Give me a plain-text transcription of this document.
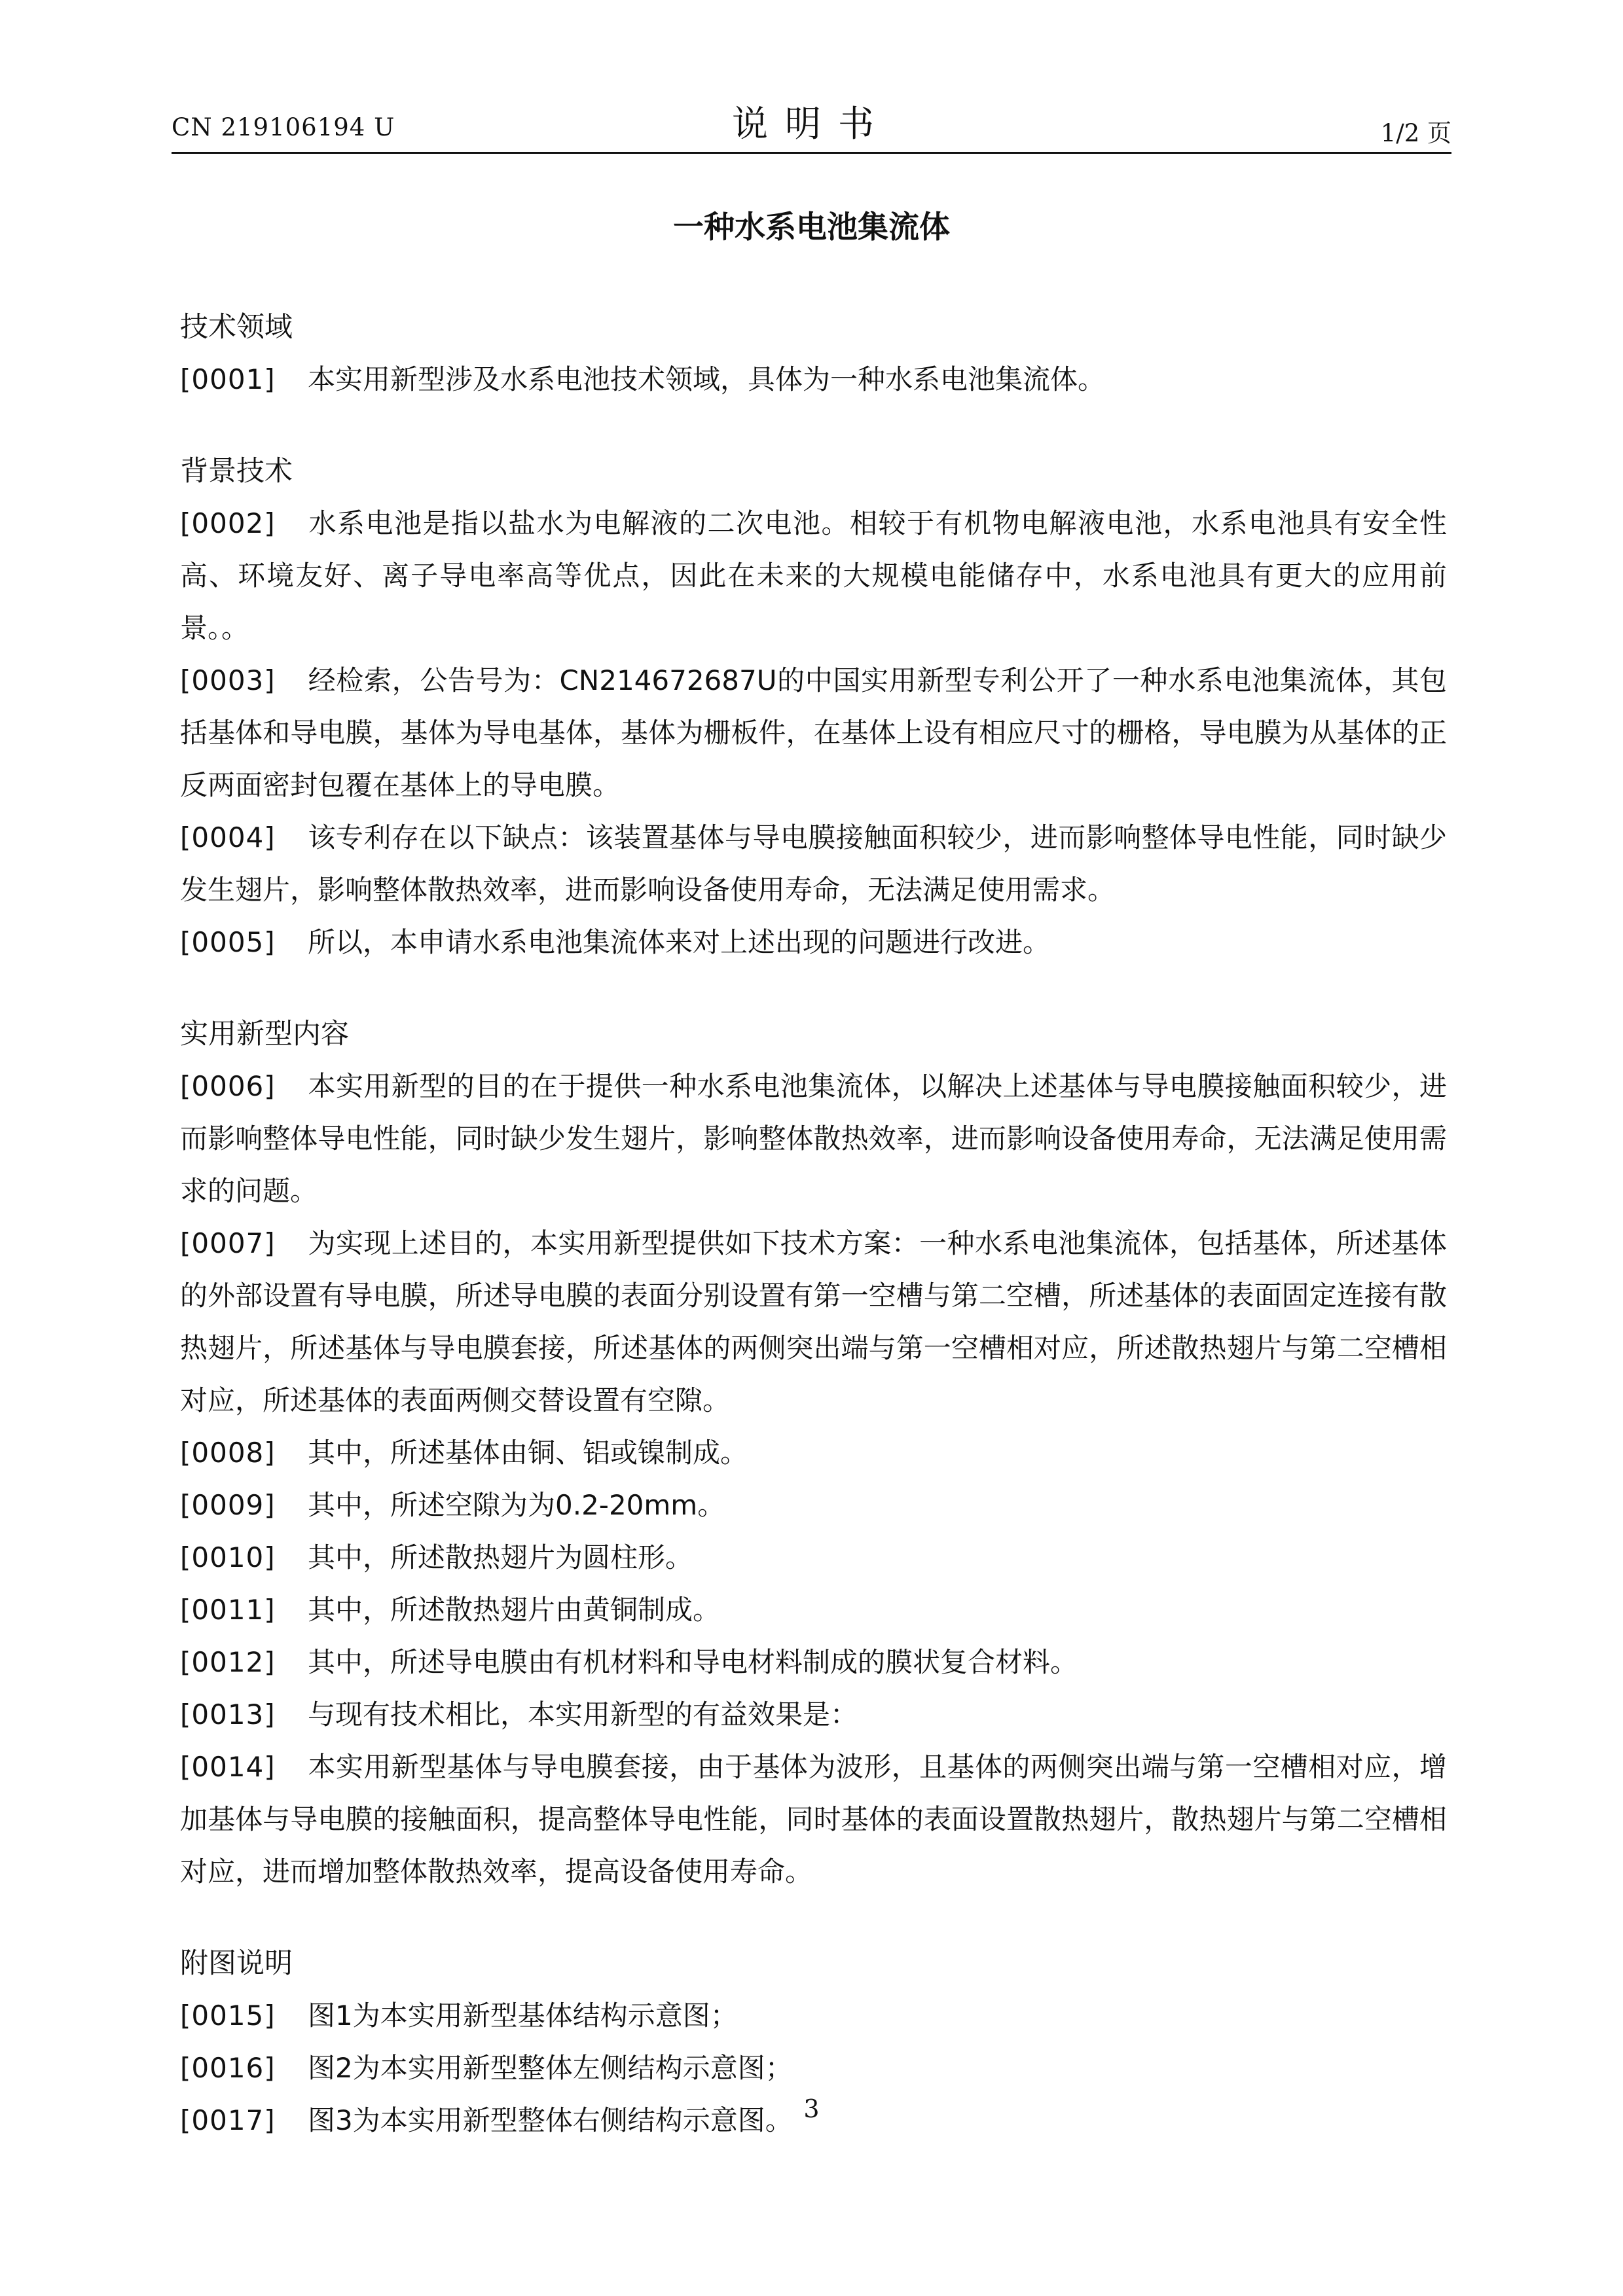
CN 219106194 U	说明书	1/2 页
一种水系电池集流体
技术领域
[0001] 本实用新型涉及水系电池技术领域，具体为一种水系电池集流体。
背景技术
[0002] 水系电池是指以盐水为电解液的二次电池。相较于有机物电解液电池，水系电池具有安全性高、环境友好、离子导电率高等优点，因此在未来的大规模电能储存中，水系电池具有更大的应用前景。。
[0003] 经检索，公告号为：CN214672687U的中国实用新型专利公开了一种水系电池集流体，其包括基体和导电膜，基体为导电基体，基体为栅板件，在基体上设有相应尺寸的栅格，导电膜为从基体的正反两面密封包覆在基体上的导电膜。
[0004] 该专利存在以下缺点：该装置基体与导电膜接触面积较少，进而影响整体导电性能，同时缺少发生翅片，影响整体散热效率，进而影响设备使用寿命，无法满足使用需求。
[0005] 所以，本申请水系电池集流体来对上述出现的问题进行改进。
实用新型内容
[0006] 本实用新型的目的在于提供一种水系电池集流体，以解决上述基体与导电膜接触面积较少，进而影响整体导电性能，同时缺少发生翅片，影响整体散热效率，进而影响设备使用寿命，无法满足使用需求的问题。
[0007] 为实现上述目的，本实用新型提供如下技术方案：一种水系电池集流体，包括基体，所述基体的外部设置有导电膜，所述导电膜的表面分别设置有第一空槽与第二空槽，所述基体的表面固定连接有散热翅片，所述基体与导电膜套接，所述基体的两侧突出端与第一空槽相对应，所述散热翅片与第二空槽相对应，所述基体的表面两侧交替设置有空隙。
[0008] 其中，所述基体由铜、铝或镍制成。
[0009] 其中，所述空隙为为0.2-20mm。
[0010] 其中，所述散热翅片为圆柱形。
[0011] 其中，所述散热翅片由黄铜制成。
[0012] 其中，所述导电膜由有机材料和导电材料制成的膜状复合材料。
[0013] 与现有技术相比，本实用新型的有益效果是：
[0014] 本实用新型基体与导电膜套接，由于基体为波形，且基体的两侧突出端与第一空槽相对应，增加基体与导电膜的接触面积，提高整体导电性能，同时基体的表面设置散热翅片，散热翅片与第二空槽相对应，进而增加整体散热效率，提高设备使用寿命。
附图说明
[0015] 图1为本实用新型基体结构示意图；
[0016] 图2为本实用新型整体左侧结构示意图；
[0017] 图3为本实用新型整体右侧结构示意图。 3
